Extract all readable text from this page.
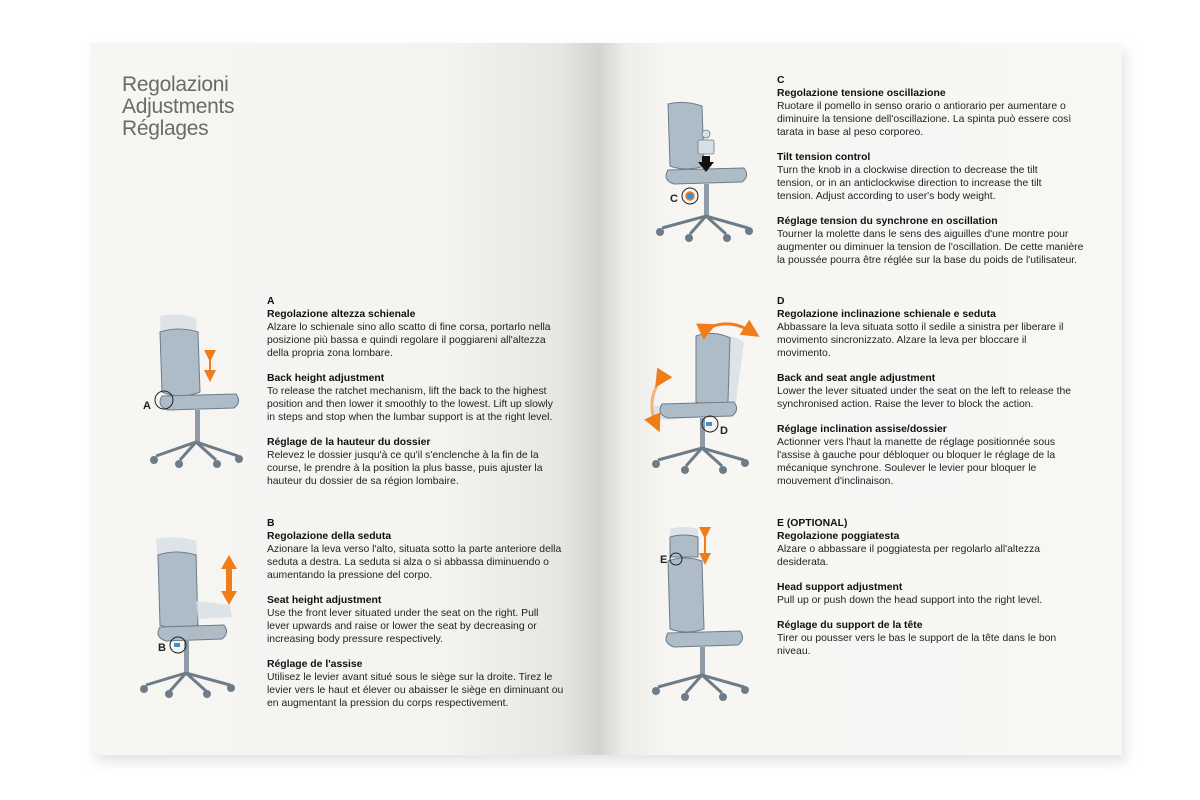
Regolazioni
Adjustments
Réglages
A
Regolazione altezza schienale

Alzare lo schienale sino allo scatto di fine corsa, portarlo nella

posizione più bassa e quindi regolare il poggiareni all'altezza

della propria zona lombare.

Back height adjustment

To release the ratchet mechanism, lift the back to the highest

position and then lower it smoothly to the lowest. Lift up slowly

in steps and stop when the lumbar support is at the right level.

Réglage de la hauteur du dossier

Relevez le dossier jusqu'à ce qu'il s'enclenche à la fin de la

course, le prendre à la position la plus basse, puis ajuster la

hauteur du dossier de sa région lombaire.

B
Regolazione della seduta

Azionare la leva verso l'alto, situata sotto la parte anteriore della

seduta a destra. La seduta si alza o si abbassa diminuendo o

aumentando la pressione del corpo.

Seat height adjustment

Use the front lever situated under the seat on the right. Pull

lever upwards and raise or lower the seat by decreasing or

increasing body pressure respectively.

Réglage de l'assise

Utilisez le levier avant situé sous le siège sur la droite. Tirez le

levier vers le haut et élever ou abaisser le siège en diminuant ou

en augmentant la pression du corps respectivement.

C
Regolazione tensione oscillazione

Ruotare il pomello in senso orario o antiorario per aumentare o

diminuire la tensione dell'oscillazione. La spinta può essere così

tarata in base al peso corporeo.

Tilt tension control

Turn the knob in a clockwise direction to decrease the tilt

tension, or in an anticlockwise direction to increase the tilt

tension. Adjust according to user's body weight.

Réglage tension du synchrone en oscillation

Tourner la molette dans le sens des aiguilles d'une montre pour

augmenter ou diminuer la tension de l'oscillation. De cette manière

la poussée pourra être réglée sur la base du poids de l'utilisateur.

D
Regolazione inclinazione schienale e seduta

Abbassare la leva situata sotto il sedile a sinistra per liberare il

movimento sincronizzato. Alzare la leva per bloccare il

movimento.

Back and seat angle adjustment

Lower the lever situated under the seat on the left to release the

synchronised action. Raise the lever to block the action.

Réglage inclination assise/dossier

Actionner vers l'haut la manette de réglage positionnée sous

l'assise à gauche pour débloquer ou bloquer le réglage de la

mécanique synchrone. Soulever le levier pour bloquer le

mouvement d'inclinaison.

E (OPTIONAL)
Regolazione poggiatesta

Alzare o abbassare il poggiatesta per regolarlo all'altezza

desiderata.

Head support adjustment

Pull up or push down the head support into the right level.

Réglage du support de la tête

Tirer ou pousser vers le bas le support de la tête dans le bon

niveau.

A
B
C
D
E
